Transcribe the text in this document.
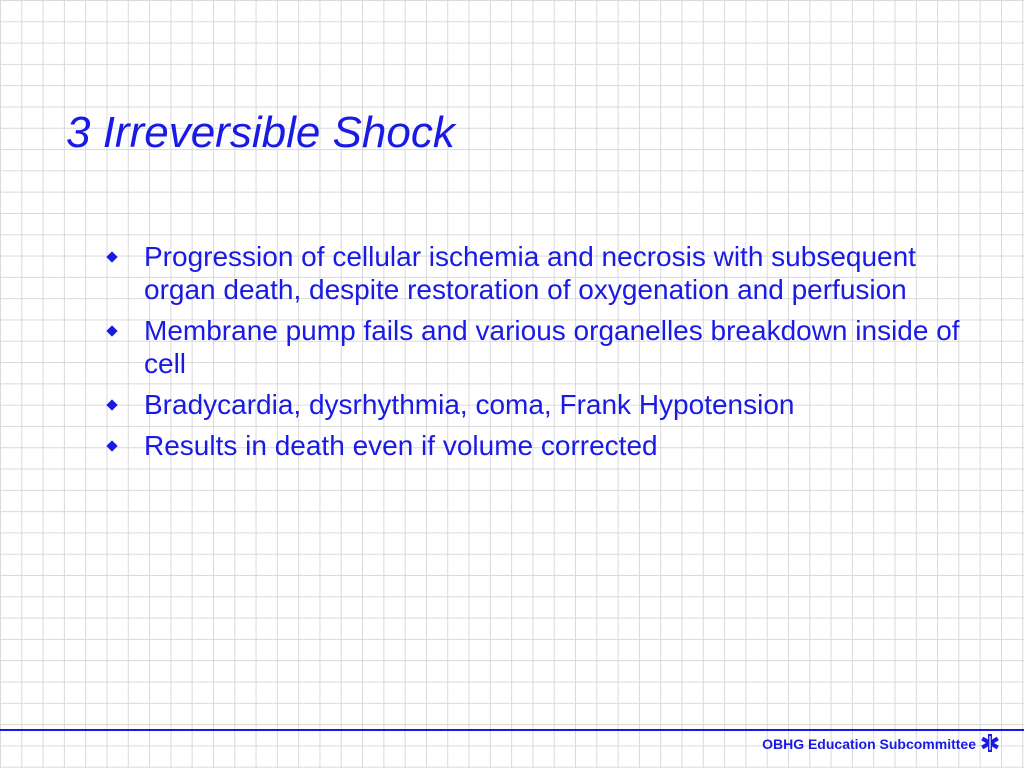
3 Irreversible Shock
Progression of cellular ischemia and necrosis with subsequent organ death, despite restoration of oxygenation and perfusion
Membrane pump fails and various organelles breakdown inside of cell
Bradycardia, dysrhythmia, coma, Frank Hypotension
Results in death even if volume corrected
OBHG Education Subcommittee
